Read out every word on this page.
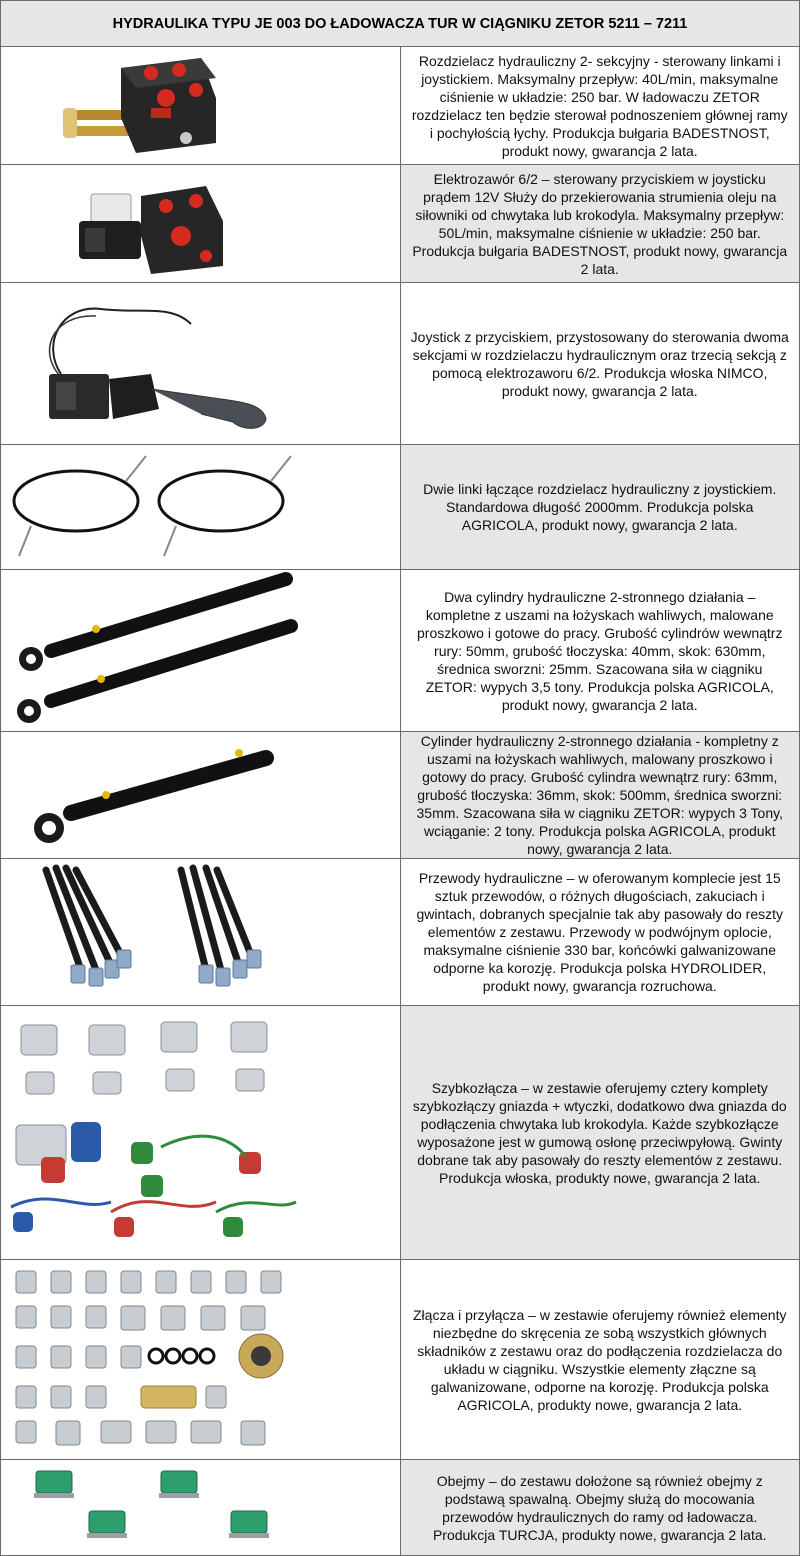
HYDRAULIKA TYPU JE 003 DO ŁADOWACZA TUR W CIĄGNIKU ZETOR 5211 – 7211	

	Rozdzielacz hydrauliczny 2- sekcyjny - sterowany linkami i joystickiem. Maksymalny przepływ: 40L/min, maksymalne ciśnienie w układzie: 250 bar. W ładowaczu ZETOR rozdzielacz ten będzie sterował podnoszeniem głównej ramy i pochyłością łychy. Produkcja bułgaria BADESTNOST, produkt nowy, gwarancja 2 lata.

	Elektrozawór 6/2 – sterowany przyciskiem w joysticku prądem 12V Służy do przekierowania strumienia oleju na siłowniki od chwytaka lub krokodyla. Maksymalny przepływ: 50L/min, maksymalne ciśnienie w układzie: 250 bar. Produkcja bułgaria BADESTNOST, produkt nowy, gwarancja 2 lata.

	Joystick z przyciskiem, przystosowany do sterowania dwoma sekcjami w rozdzielaczu hydraulicznym oraz trzecią sekcją z pomocą elektrozaworu 6/2. Produkcja włoska NIMCO, produkt nowy, gwarancja 2 lata.

	Dwie linki łączące rozdzielacz hydrauliczny z joystickiem. Standardowa długość 2000mm. Produkcja polska AGRICOLA, produkt nowy, gwarancja 2 lata.

	Dwa cylindry hydrauliczne 2-stronnego działania – kompletne z uszami na łożyskach wahliwych, malowane proszkowo i gotowe do pracy. Grubość cylindrów wewnątrz rury: 50mm, grubość tłoczyska: 40mm, skok: 630mm, średnica sworzni: 25mm. Szacowana siła w ciągniku ZETOR: wypych 3,5 tony. Produkcja polska AGRICOLA, produkt nowy, gwarancja 2 lata.

	Cylinder hydrauliczny 2-stronnego działania - kompletny z uszami na łożyskach wahliwych, malowany proszkowo i gotowy do pracy. Grubość cylindra wewnątrz rury: 63mm, grubość tłoczyska: 36mm, skok: 500mm, średnica sworzni: 35mm. Szacowana siła w ciągniku ZETOR: wypych 3 Tony, wciąganie: 2 tony. Produkcja polska AGRICOLA, produkt nowy, gwarancja 2 lata.

	Przewody hydrauliczne – w oferowanym komplecie jest 15 sztuk przewodów, o różnych długościach, zakuciach i gwintach, dobranych specjalnie tak aby pasowały do reszty elementów z zestawu. Przewody w podwójnym oplocie, maksymalne ciśnienie 330 bar, końcówki galwanizowane odporne ka korozję. Produkcja polska HYDROLIDER, produkt nowy, gwarancja rozruchowa.

	Szybkozłącza – w zestawie oferujemy cztery komplety szybkozłączy gniazda + wtyczki, dodatkowo dwa gniazda do podłączenia chwytaka lub krokodyla. Każde szybkozłącze wyposażone jest w gumową osłonę przeciwpyłową. Gwinty dobrane tak aby pasowały do reszty elementów z zestawu. Produkcja włoska, produkty nowe, gwarancja 2 lata.

	Złącza i przyłącza – w zestawie oferujemy również elementy niezbędne do skręcenia ze sobą wszystkich głównych składników z zestawu oraz do podłączenia rozdzielacza do układu w ciągniku. Wszystkie elementy złączne są galwanizowane, odporne na korozję. Produkcja polska AGRICOLA, produkty nowe, gwarancja 2 lata.

	Obejmy – do zestawu dołożone są również obejmy z podstawą spawalną. Obejmy służą do mocowania przewodów hydraulicznych do ramy od ładowacza. Produkcja TURCJA, produkty nowe, gwarancja 2 lata.
